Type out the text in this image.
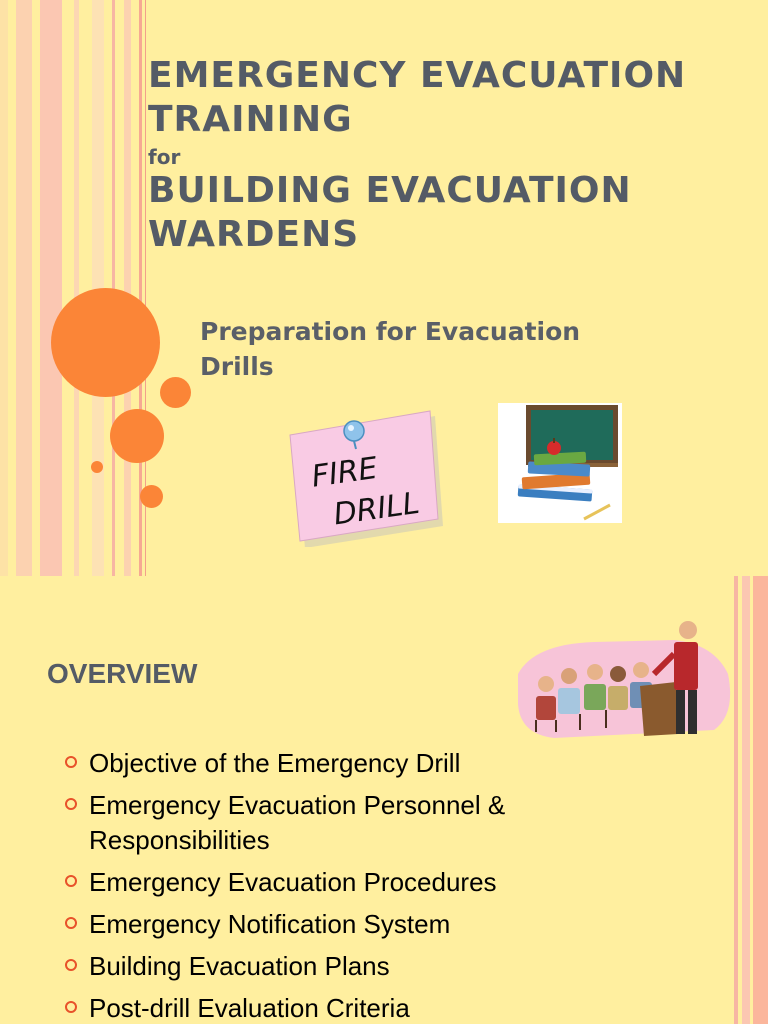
EMERGENCY EVACUATION
TRAINING
for
BUILDING EVACUATION
WARDENS
Preparation for Evacuation
Drills
FIRE
DRILL
OVERVIEW
Objective of the Emergency Drill
Emergency Evacuation Personnel & Responsibilities
Emergency Evacuation Procedures
Emergency Notification System
Building Evacuation Plans
Post-drill Evaluation Criteria
